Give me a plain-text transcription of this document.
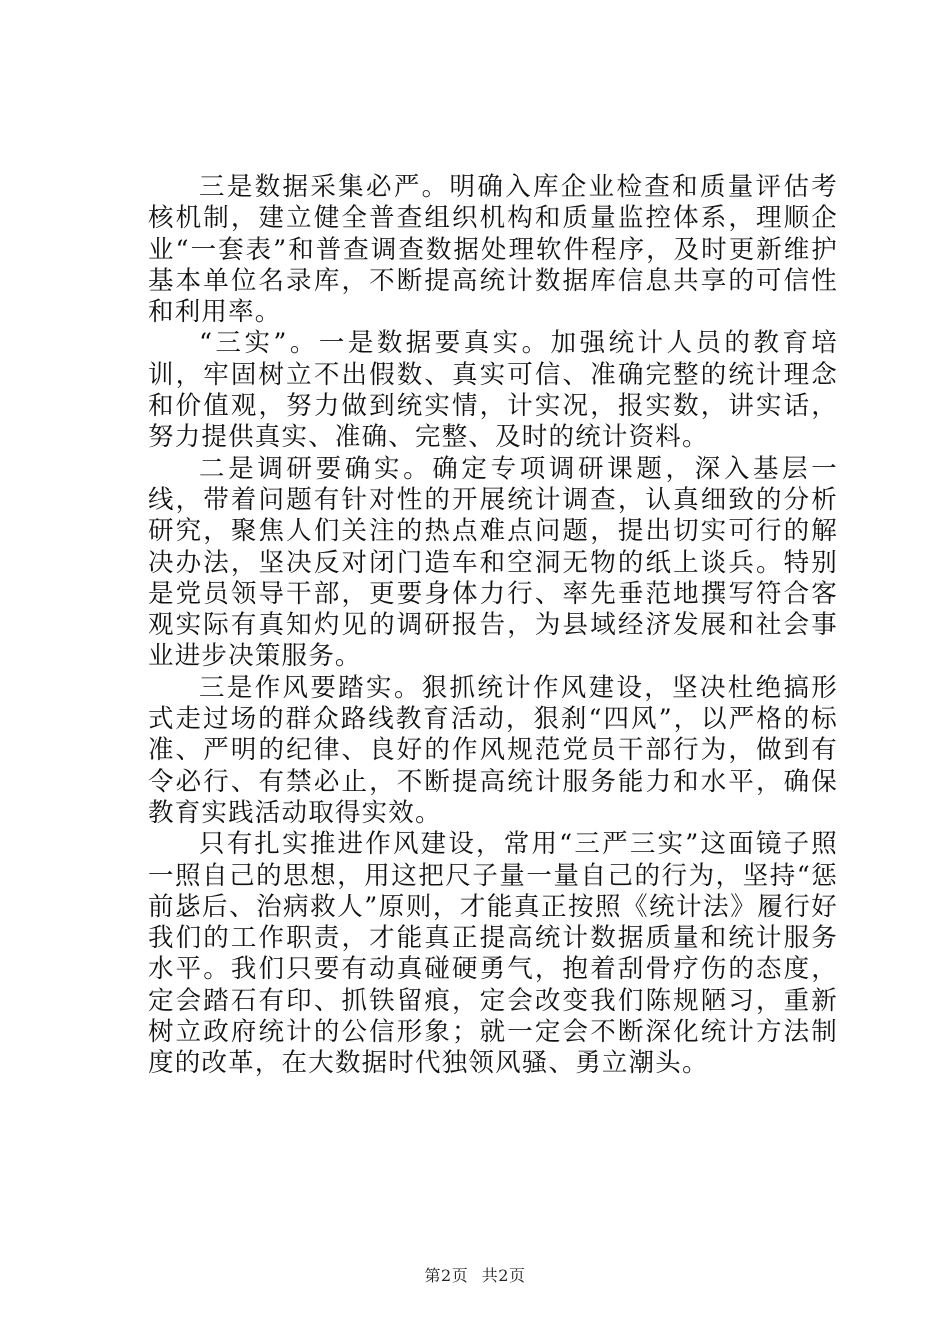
三是数据采集必严。明确入库企业检查和质量评估考核机制，建立健全普查组织机构和质量监控体系，理顺企业“一套表”和普查调查数据处理软件程序，及时更新维护基本单位名录库，不断提高统计数据库信息共享的可信性和利用率。

“三实”。一是数据要真实。加强统计人员的教育培训，牢固树立不出假数、真实可信、准确完整的统计理念和价值观，努力做到统实情，计实况，报实数，讲实话，努力提供真实、准确、完整、及时的统计资料。

二是调研要确实。确定专项调研课题，深入基层一线，带着问题有针对性的开展统计调查，认真细致的分析研究，聚焦人们关注的热点难点问题，提出切实可行的解决办法，坚决反对闭门造车和空洞无物的纸上谈兵。特别是党员领导干部，更要身体力行、率先垂范地撰写符合客观实际有真知灼见的调研报告，为县域经济发展和社会事业进步决策服务。

三是作风要踏实。狠抓统计作风建设，坚决杜绝搞形式走过场的群众路线教育活动，狠刹“四风”，以严格的标准、严明的纪律、良好的作风规范党员干部行为，做到有令必行、有禁必止，不断提高统计服务能力和水平，确保教育实践活动取得实效。

只有扎实推进作风建设，常用“三严三实”这面镜子照一照自己的思想，用这把尺子量一量自己的行为，坚持“惩前毖后、治病救人”原则，才能真正按照《统计法》履行好我们的工作职责，才能真正提高统计数据质量和统计服务水平。我们只要有动真碰硬勇气，抱着刮骨疗伤的态度，定会踏石有印、抓铁留痕，定会改变我们陈规陋习，重新树立政府统计的公信形象；就一定会不断深化统计方法制度的改革，在大数据时代独领风骚、勇立潮头。

第2页 共2页
